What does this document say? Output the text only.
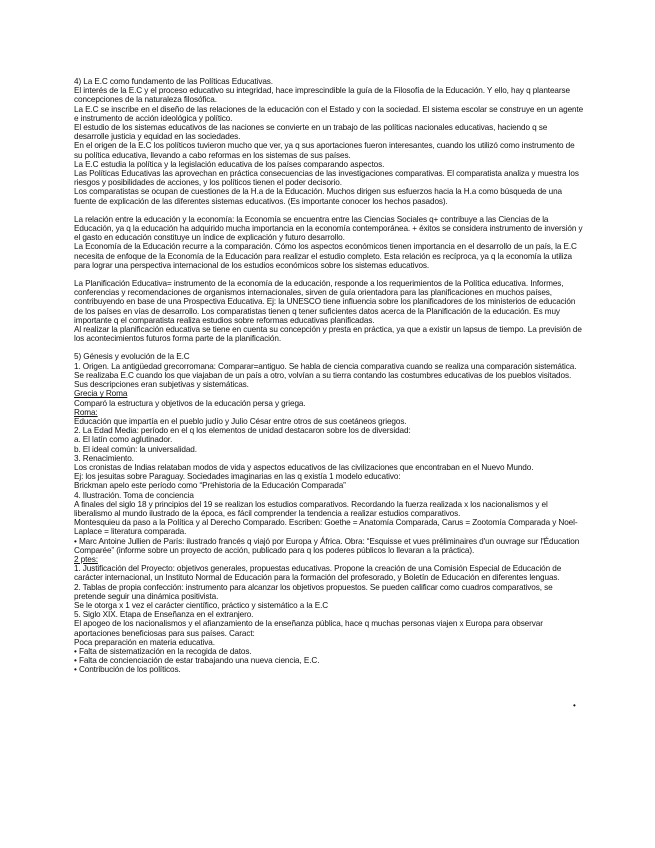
4) La E.C como fundamento de las Políticas Educativas.

El interés de la E.C y el proceso educativo su integridad, hace imprescindible la guía de la Filosofía de la Educación. Y ello, hay q plantearse concepciones de la naturaleza filosófica.

La E.C se inscribe en el diseño de las relaciones de la educación con el Estado y con la sociedad. El sistema escolar se construye en un agente e instrumento de acción ideológica y político.

El estudio de los sistemas educativos de las naciones se convierte en un trabajo de las políticas nacionales educativas, haciendo q se desarrolle justicia y equidad en las sociedades.

En el origen de la E.C los políticos tuvieron mucho que ver, ya q sus aportaciones fueron interesantes, cuando los utilizó como instrumento de su política educativa, llevando a cabo reformas en los sistemas de sus países.

La E.C estudia la política y la legislación educativa de los países comparando aspectos.

Las Políticas Educativas las aprovechan en práctica consecuencias de las investigaciones comparativas. El comparatista analiza y muestra los riesgos y posibilidades de acciones, y los políticos tienen el poder decisorio.

Los comparatistas se ocupan de cuestiones de la H.a de la Educación. Muchos dirigen sus esfuerzos hacia la H.a como búsqueda de una fuente de explicación de las diferentes sistemas educativos. (Es importante conocer los hechos pasados).

La relación entre la educación y la economía: la Economía se encuentra entre las Ciencias Sociales q+ contribuye a las Ciencias de la Educación, ya q la educación ha adquirido mucha importancia en la economía contemporánea. + éxitos se considera instrumento de inversión y el gasto en educación constituye un índice de explicación y futuro desarrollo.

La Economía de la Educación recurre a la comparación. Cómo los aspectos económicos tienen importancia en el desarrollo de un país, la E.C necesita de enfoque de la Economía de la Educación para realizar el estudio completo. Esta relación es recíproca, ya q la economía la utiliza para lograr una perspectiva internacional de los estudios económicos sobre los sistemas educativos.

La Planificación Educativa= instrumento de la economía de la educación, responde a los requerimientos de la Política educativa. Informes, conferencias y recomendaciones de organismos internacionales, sirven de guía orientadora para las planificaciones en muchos países, contribuyendo en base de una Prospectiva Educativa. Ej: la UNESCO tiene influencia sobre los planificadores de los ministerios de educación de los países en vías de desarrollo. Los comparatistas tienen q tener suficientes datos acerca de la Planificación de la educación. Es muy importante q el comparatista realiza estudios sobre reformas educativas planificadas.

Al realizar la planificación educativa se tiene en cuenta su concepción y presta en práctica, ya que a existir un lapsus de tiempo. La previsión de los acontecimientos futuros forma parte de la planificación.

5) Génesis y evolución de la E.C

1. Origen. La antigüedad grecorromana: Comparar=antiguo. Se habla de ciencia comparativa cuando se realiza una comparación sistemática.

Se realizaba E.C cuando los que viajaban de un país a otro, volvían a su tierra contando las costumbres educativas de los pueblos visitados. Sus descripciones eran subjetivas y sistemáticas.

Grecia y Roma

Comparó la estructura y objetivos de la educación persa y griega.

Roma:

Educación que impartía en el pueblo judío y Julio César entre otros de sus coetáneos griegos.

2. La Edad Media: período en el q los elementos de unidad destacaron sobre los de diversidad:

a. El latín como aglutinador.

b. El ideal común: la universalidad.

3. Renacimiento.

Los cronistas de Indias relataban modos de vida y aspectos educativos de las civilizaciones que encontraban en el Nuevo Mundo.

Ej: los jesuitas sobre Paraguay. Sociedades imaginarias en las q existía 1 modelo educativo:

Brickman apelo este período como “Prehistoria de la Educación Comparada”

4. Ilustración. Toma de conciencia

A finales del siglo 18 y principios del 19 se realizan los estudios comparativos. Recordando la fuerza realizada x los nacionalismos y el liberalismo al mundo ilustrado de la época, es fácil comprender la tendencia a realizar estudios comparativos.

Montesquieu da paso a la Política y al Derecho Comparado. Escriben: Goethe = Anatomía Comparada, Carus = Zootomía Comparada y Noel-Laplace = literatura comparada.

• Marc Antoine Jullien de París: ilustrado francés q viajó por Europa y África. Obra: “Esquisse et vues préliminaires d'un ouvrage sur l'Éducation Comparée” (informe sobre un proyecto de acción, publicado para q los poderes públicos lo llevaran a la práctica).

2 ptes:

1. Justificación del Proyecto: objetivos generales, propuestas educativas. Propone la creación de una Comisión Especial de Educación de carácter internacional, un Instituto Normal de Educación para la formación del profesorado, y Boletín de Educación en diferentes lenguas.

2. Tablas de propia confección: instrumento para alcanzar los objetivos propuestos. Se pueden calificar como cuadros comparativos, se pretende seguir una dinámica positivista.

Se le otorga x 1 vez el carácter científico, práctico y sistemático a la E.C

5. Siglo XIX. Etapa de Enseñanza en el extranjero.

El apogeo de los nacionalismos y el afianzamiento de la enseñanza pública, hace q muchas personas viajen x Europa para observar aportaciones beneficiosas para sus países. Caract:

Poca preparación en materia educativa.

• Falta de sistematización en la recogida de datos.

• Falta de concienciación de estar trabajando una nueva ciencia, E.C.

• Contribución de los políticos.

•
